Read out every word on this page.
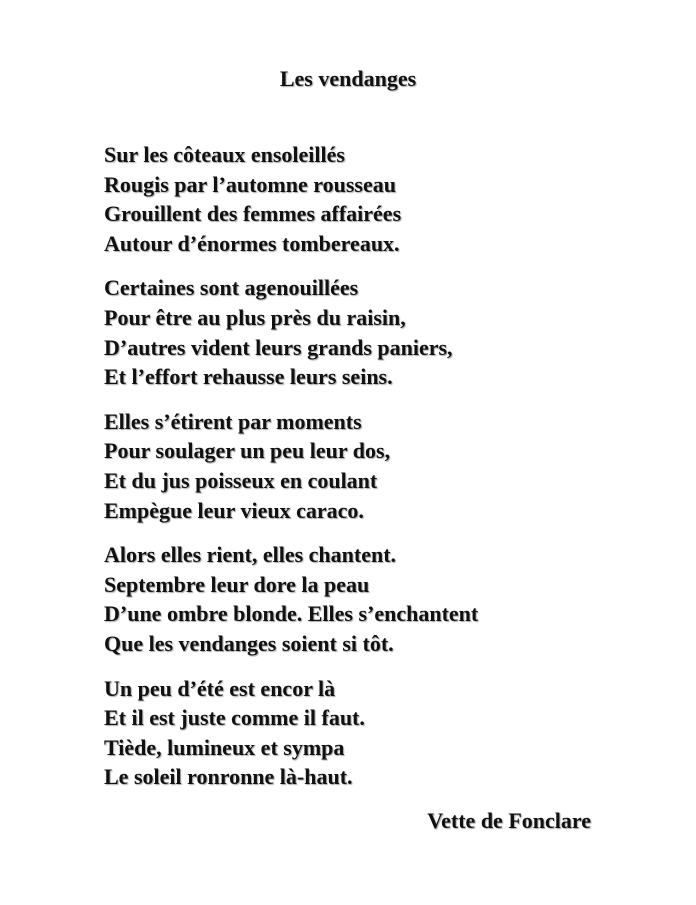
Les vendanges
Sur les côteaux ensoleillés
Rougis par l’automne rousseau
Grouillent des femmes affairées
Autour d’énormes tombereaux.
Certaines sont agenouillées
Pour être au plus près du raisin,
D’autres vident leurs grands paniers,
Et l’effort rehausse leurs seins.
Elles s’étirent par moments
Pour soulager un peu leur dos,
Et du jus poisseux en coulant
Empègue leur vieux caraco.
Alors elles rient, elles chantent.
Septembre leur dore la peau
D’une ombre blonde. Elles s’enchantent
Que les vendanges soient si tôt.
Un peu d’été est encor là
Et il est juste comme il faut.
Tiède, lumineux et sympa
Le soleil ronronne là-haut.
Vette de Fonclare
